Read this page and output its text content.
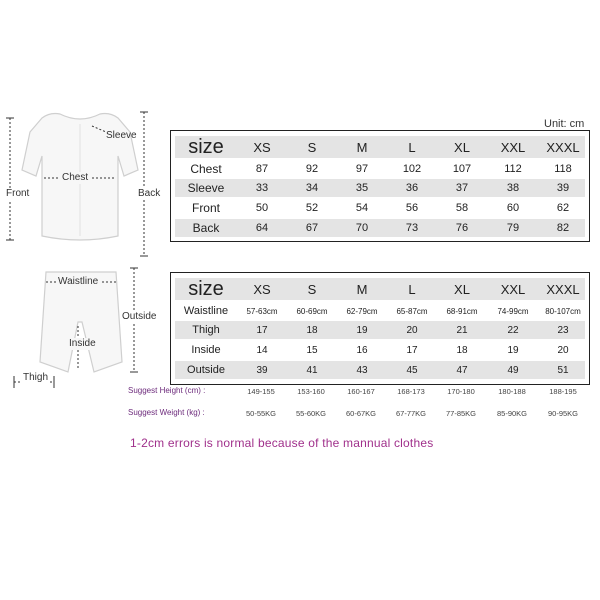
Sleeve
Chest
Front	Back
Waistline
Outside
Inside
Thigh
Unit: cm
size	XS	S	M	L	XL	XXL	XXXL
Chest	87	92	97	102	107	112	118
Sleeve	33	34	35	36	37	38	39
Front	50	52	54	56	58	60	62
Back	64	67	70	73	76	79	82
size	XS	S	M	L	XL	XXL	XXXL
Waistline	57-63cm	60-69cm	62-79cm	65-87cm	68-91cm	74-99cm	80-107cm
Thigh	17	18	19	20	21	22	23
Inside	14	15	16	17	18	19	20
Outside	39	41	43	45	47	49	51
Suggest Height (cm) :	149-155	153-160	160-167	168-173	170-180	180-188	188-195
Suggest Weight (kg) :	50-55KG	55-60KG	60-67KG	67-77KG	77-85KG	85-90KG	90-95KG
1-2cm errors is normal because of the mannual clothes
